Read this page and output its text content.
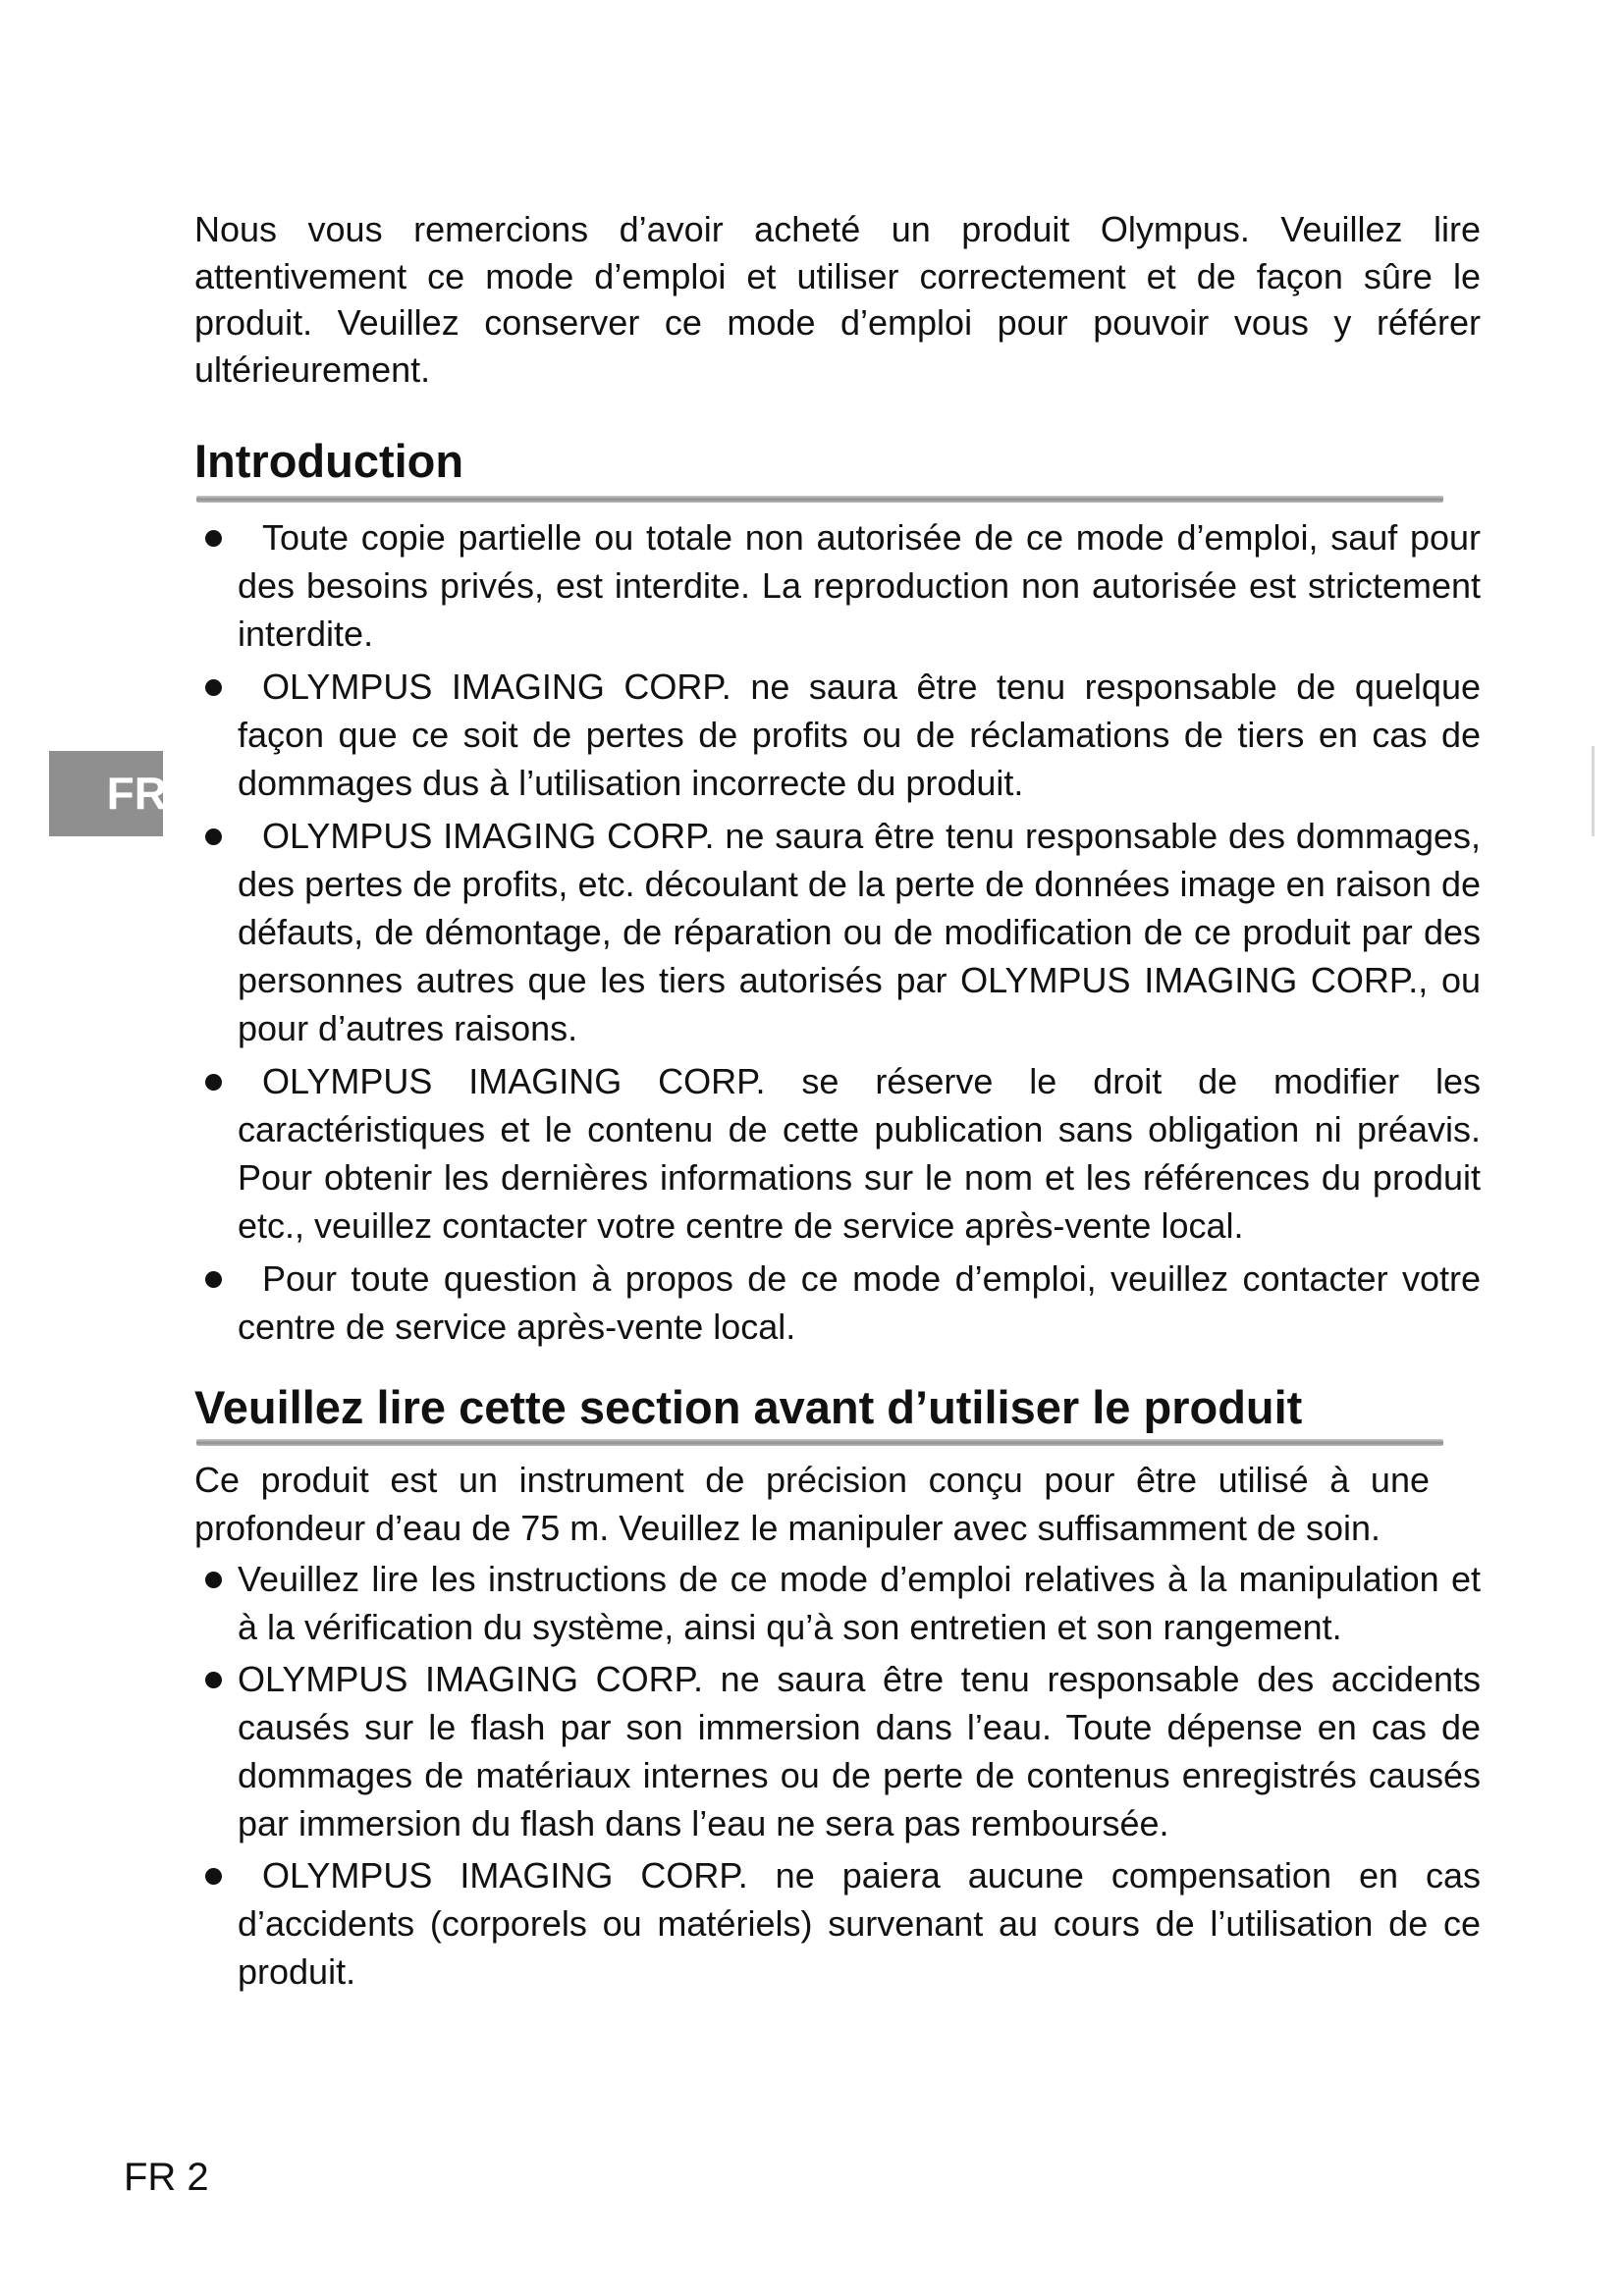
FR

Nous vous remercions d’avoir acheté un produit Olympus. Veuillez lire attentivement ce mode d’emploi et utiliser correctement et de façon sûre le produit. Veuillez conserver ce mode d’emploi pour pouvoir vous y référer ultérieurement.

Introduction
Toute copie partielle ou totale non autorisée de ce mode d’emploi, sauf pour des besoins privés, est interdite. La reproduction non autorisée est strictement interdite.
OLYMPUS IMAGING CORP. ne saura être tenu responsable de quelque façon que ce soit de pertes de profits ou de réclamations de tiers en cas de dommages dus à l’utilisation incorrecte du produit.
OLYMPUS IMAGING CORP. ne saura être tenu responsable des dommages, des pertes de profits, etc. découlant de la perte de données image en raison de défauts, de démontage, de réparation ou de modification de ce produit par des personnes autres que les tiers autorisés par OLYMPUS IMAGING CORP., ou pour d’autres raisons.
OLYMPUS IMAGING CORP. se réserve le droit de modifier les caractéristiques et le contenu de cette publication sans obligation ni préavis. Pour obtenir les dernières informations sur le nom et les références du produit etc., veuillez contacter votre centre de service après-vente local.
Pour toute question à propos de ce mode d’emploi, veuillez contacter votre centre de service après-vente local.
Veuillez lire cette section avant d’utiliser le produit

Ce produit est un instrument de précision conçu pour être utilisé à une profondeur d’eau de 75 m. Veuillez le manipuler avec suffisamment de soin.

Veuillez lire les instructions de ce mode d’emploi relatives à la manipulation et à la vérification du système, ainsi qu’à son entretien et son rangement.
OLYMPUS IMAGING CORP. ne saura être tenu responsable des accidents causés sur le flash par son immersion dans l’eau. Toute dépense en cas de dommages de matériaux internes ou de perte de contenus enregistrés causés par immersion du flash dans l’eau ne sera pas remboursée.
OLYMPUS IMAGING CORP. ne paiera aucune compensation en cas d’accidents (corporels ou matériels) survenant au cours de l’utilisation de ce produit.
FR 2
